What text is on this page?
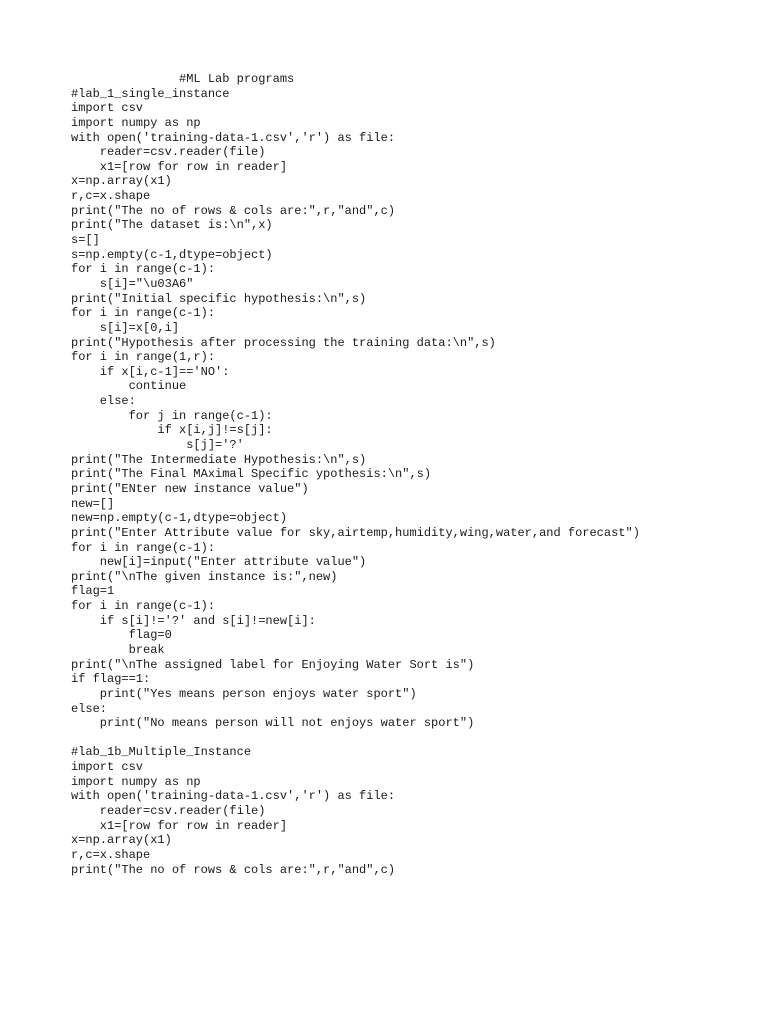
#ML Lab programs
#lab_1_single_instance
import csv
import numpy as np
with open('training-data-1.csv','r') as file:
reader=csv.reader(file)
x1=[row for row in reader]
x=np.array(x1)
r,c=x.shape
print("The no of rows & cols are:",r,"and",c)
print("The dataset is:\n",x)
s=[]
s=np.empty(c-1,dtype=object)
for i in range(c-1):
s[i]="\u03A6"
print("Initial specific hypothesis:\n",s)
for i in range(c-1):
s[i]=x[0,i]
print("Hypothesis after processing the training data:\n",s)
for i in range(1,r):
if x[i,c-1]=='NO':
continue
else:
for j in range(c-1):
if x[i,j]!=s[j]:
s[j]='?'
print("The Intermediate Hypothesis:\n",s)
print("The Final MAximal Specific ypothesis:\n",s)
print("ENter new instance value")
new=[]
new=np.empty(c-1,dtype=object)
print("Enter Attribute value for sky,airtemp,humidity,wing,water,and forecast")
for i in range(c-1):
new[i]=input("Enter attribute value")
print("\nThe given instance is:",new)
flag=1
for i in range(c-1):
if s[i]!='?' and s[i]!=new[i]:
flag=0
break
print("\nThe assigned label for Enjoying Water Sort is")
if flag==1:
print("Yes means person enjoys water sport")
else:
print("No means person will not enjoys water sport")
#lab_1b_Multiple_Instance
import csv
import numpy as np
with open('training-data-1.csv','r') as file:
reader=csv.reader(file)
x1=[row for row in reader]
x=np.array(x1)
r,c=x.shape
print("The no of rows & cols are:",r,"and",c)
